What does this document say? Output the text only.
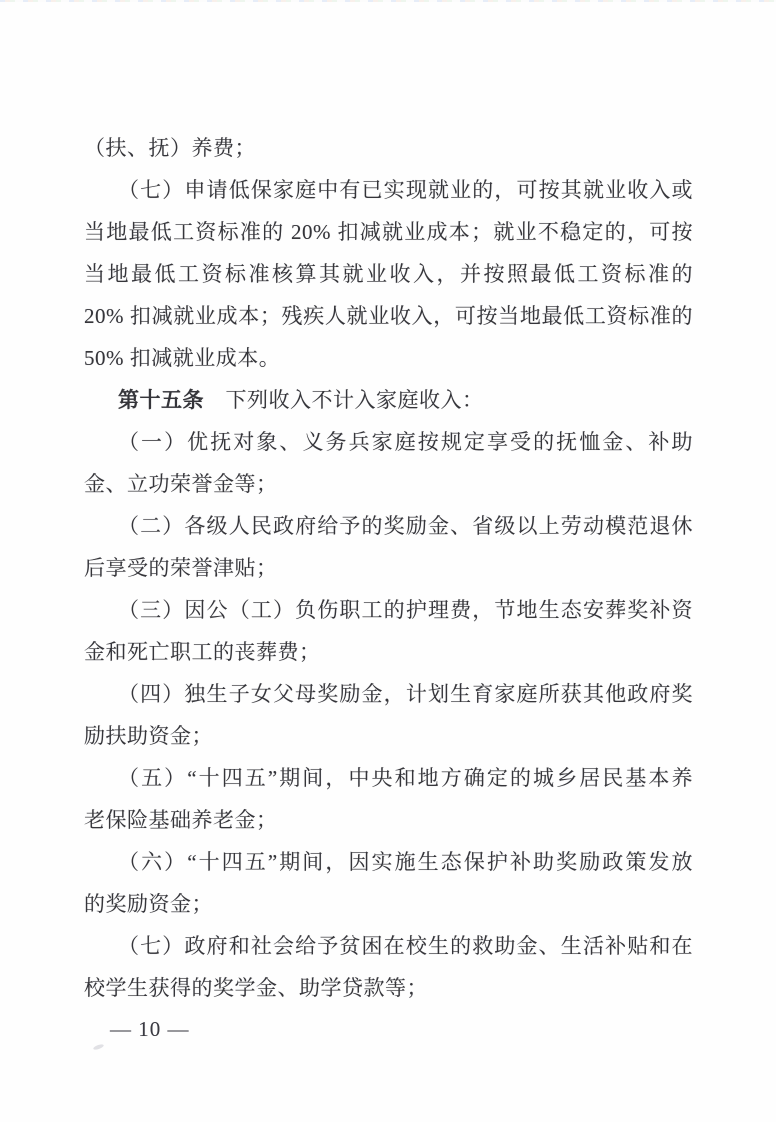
（扶、抚）养费；
（七）申请低保家庭中有已实现就业的，可按其就业收入或
当地最低工资标准的 20% 扣减就业成本；就业不稳定的，可按
当地最低工资标准核算其就业收入，并按照最低工资标准的
20% 扣减就业成本；残疾人就业收入，可按当地最低工资标准的
50% 扣减就业成本。
第十五条　下列收入不计入家庭收入：
（一）优抚对象、义务兵家庭按规定享受的抚恤金、补助
金、立功荣誉金等；
（二）各级人民政府给予的奖励金、省级以上劳动模范退休
后享受的荣誉津贴；
（三）因公（工）负伤职工的护理费，节地生态安葬奖补资
金和死亡职工的丧葬费；
（四）独生子女父母奖励金，计划生育家庭所获其他政府奖
励扶助资金；
（五）“十四五”期间，中央和地方确定的城乡居民基本养
老保险基础养老金；
（六）“十四五”期间，因实施生态保护补助奖励政策发放
的奖励资金；
（七）政府和社会给予贫困在校生的救助金、生活补贴和在
校学生获得的奖学金、助学贷款等；
— 10 —
